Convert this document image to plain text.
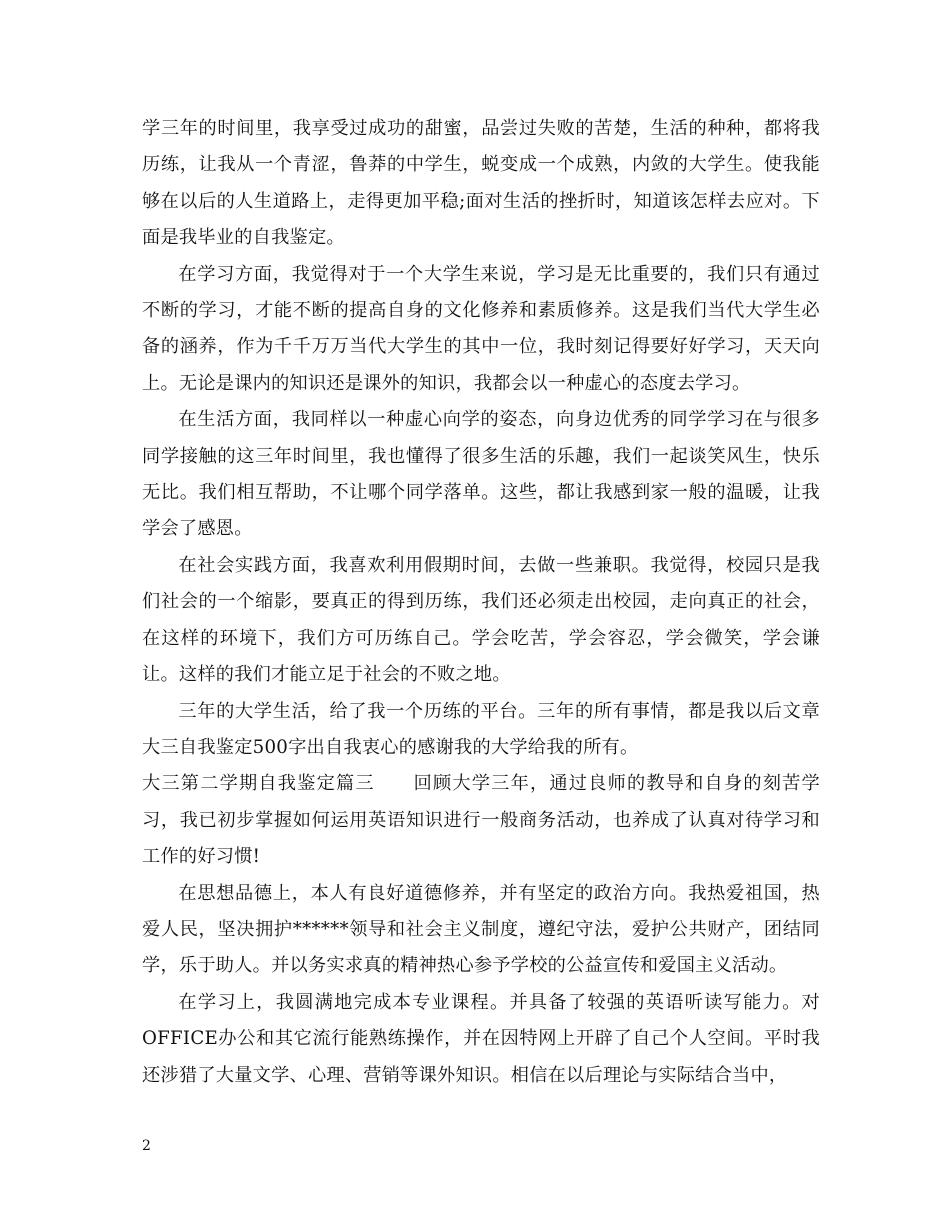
学三年的时间里，我享受过成功的甜蜜，品尝过失败的苦楚，生活的种种，都将我历练，让我从一个青涩，鲁莽的中学生，蜕变成一个成熟，内敛的大学生。使我能够在以后的人生道路上，走得更加平稳;面对生活的挫折时，知道该怎样去应对。下面是我毕业的自我鉴定。

在学习方面，我觉得对于一个大学生来说，学习是无比重要的，我们只有通过不断的学习，才能不断的提高自身的文化修养和素质修养。这是我们当代大学生必备的涵养，作为千千万万当代大学生的其中一位，我时刻记得要好好学习，天天向上。无论是课内的知识还是课外的知识，我都会以一种虚心的态度去学习。

在生活方面，我同样以一种虚心向学的姿态，向身边优秀的同学学习在与很多同学接触的这三年时间里，我也懂得了很多生活的乐趣，我们一起谈笑风生，快乐无比。我们相互帮助，不让哪个同学落单。这些，都让我感到家一般的温暖，让我学会了感恩。

在社会实践方面，我喜欢利用假期时间，去做一些兼职。我觉得，校园只是我们社会的一个缩影，要真正的得到历练，我们还必须走出校园，走向真正的社会，在这样的环境下，我们方可历练自己。学会吃苦，学会容忍，学会微笑，学会谦让。这样的我们才能立足于社会的不败之地。

三年的大学生活，给了我一个历练的平台。三年的所有事情，都是我以后文章大三自我鉴定500字出自我衷心的感谢我的大学给我的所有。

大三第二学期自我鉴定篇三　　回顾大学三年，通过良师的教导和自身的刻苦学习，我已初步掌握如何运用英语知识进行一般商务活动，也养成了认真对待学习和工作的好习惯!

在思想品德上，本人有良好道德修养，并有坚定的政治方向。我热爱祖国，热爱人民，坚决拥护******领导和社会主义制度，遵纪守法，爱护公共财产，团结同学，乐于助人。并以务实求真的精神热心参予学校的公益宣传和爱国主义活动。

在学习上，我圆满地完成本专业课程。并具备了较强的英语听读写能力。对OFFICE办公和其它流行能熟练操作，并在因特网上开辟了自己个人空间。平时我还涉猎了大量文学、心理、营销等课外知识。相信在以后理论与实际结合当中，

2
